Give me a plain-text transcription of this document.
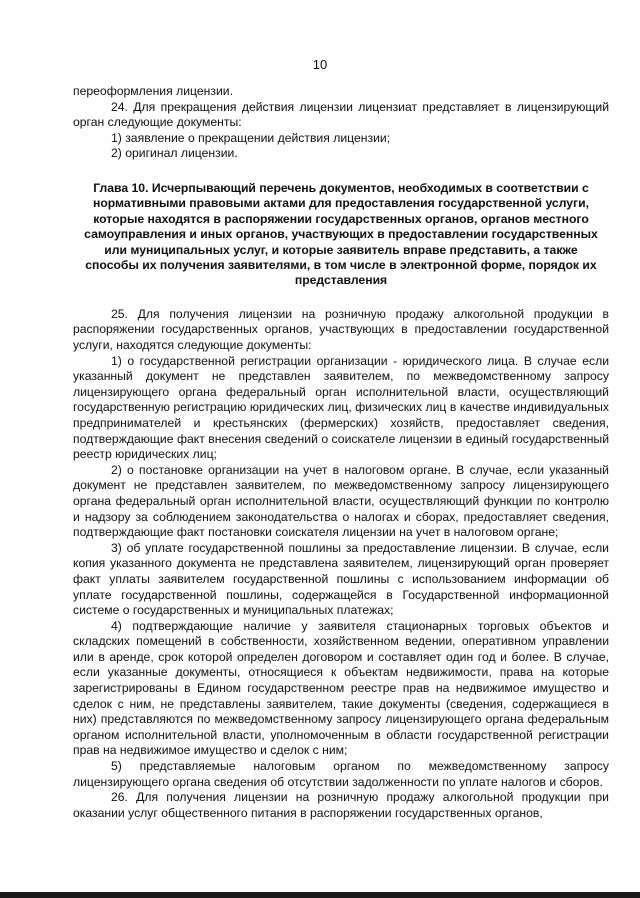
10

переоформления лицензии.

24. Для прекращения действия лицензии лицензиат представляет в лицензирующий орган следующие документы:

1) заявление о прекращении действия лицензии;

2) оригинал лицензии.

Глава 10. Исчерпывающий перечень документов, необходимых в соответствии с нормативными правовыми актами для предоставления государственной услуги, которые находятся в распоряжении государственных органов, органов местного самоуправления и иных органов, участвующих в предоставлении государственных или муниципальных услуг, и которые заявитель вправе представить, а также способы их получения заявителями, в том числе в электронной форме, порядок их представления

25. Для получения лицензии на розничную продажу алкогольной продукции в распоряжении государственных органов, участвующих в предоставлении государственной услуги, находятся следующие документы:

1) о государственной регистрации организации - юридического лица. В случае если указанный документ не представлен заявителем, по межведомственному запросу лицензирующего органа федеральный орган исполнительной власти, осуществляющий государственную регистрацию юридических лиц, физических лиц в качестве индивидуальных предпринимателей и крестьянских (фермерских) хозяйств, предоставляет сведения, подтверждающие факт внесения сведений о соискателе лицензии в единый государственный реестр юридических лиц;

2) о постановке организации на учет в налоговом органе. В случае, если указанный документ не представлен заявителем, по межведомственному запросу лицензирующего органа федеральный орган исполнительной власти, осуществляющий функции по контролю и надзору за соблюдением законодательства о налогах и сборах, предоставляет сведения, подтверждающие факт постановки соискателя лицензии на учет в налоговом органе;

3) об уплате государственной пошлины за предоставление лицензии. В случае, если копия указанного документа не представлена заявителем, лицензирующий орган проверяет факт уплаты заявителем государственной пошлины с использованием информации об уплате государственной пошлины, содержащейся в Государственной информационной системе о государственных и муниципальных платежах;

4) подтверждающие наличие у заявителя стационарных торговых объектов и складских помещений в собственности, хозяйственном ведении, оперативном управлении или в аренде, срок которой определен договором и составляет один год и более. В случае, если указанные документы, относящиеся к объектам недвижимости, права на которые зарегистрированы в Едином государственном реестре прав на недвижимое имущество и сделок с ним, не представлены заявителем, такие документы (сведения, содержащиеся в них) представляются по межведомственному запросу лицензирующего органа федеральным органом исполнительной власти, уполномоченным в области государственной регистрации прав на недвижимое имущество и сделок с ним;

5) представляемые налоговым органом по межведомственному запросу лицензирующего органа сведения об отсутствии задолженности по уплате налогов и сборов.

26. Для получения лицензии на розничную продажу алкогольной продукции при оказании услуг общественного питания в распоряжении государственных органов,
